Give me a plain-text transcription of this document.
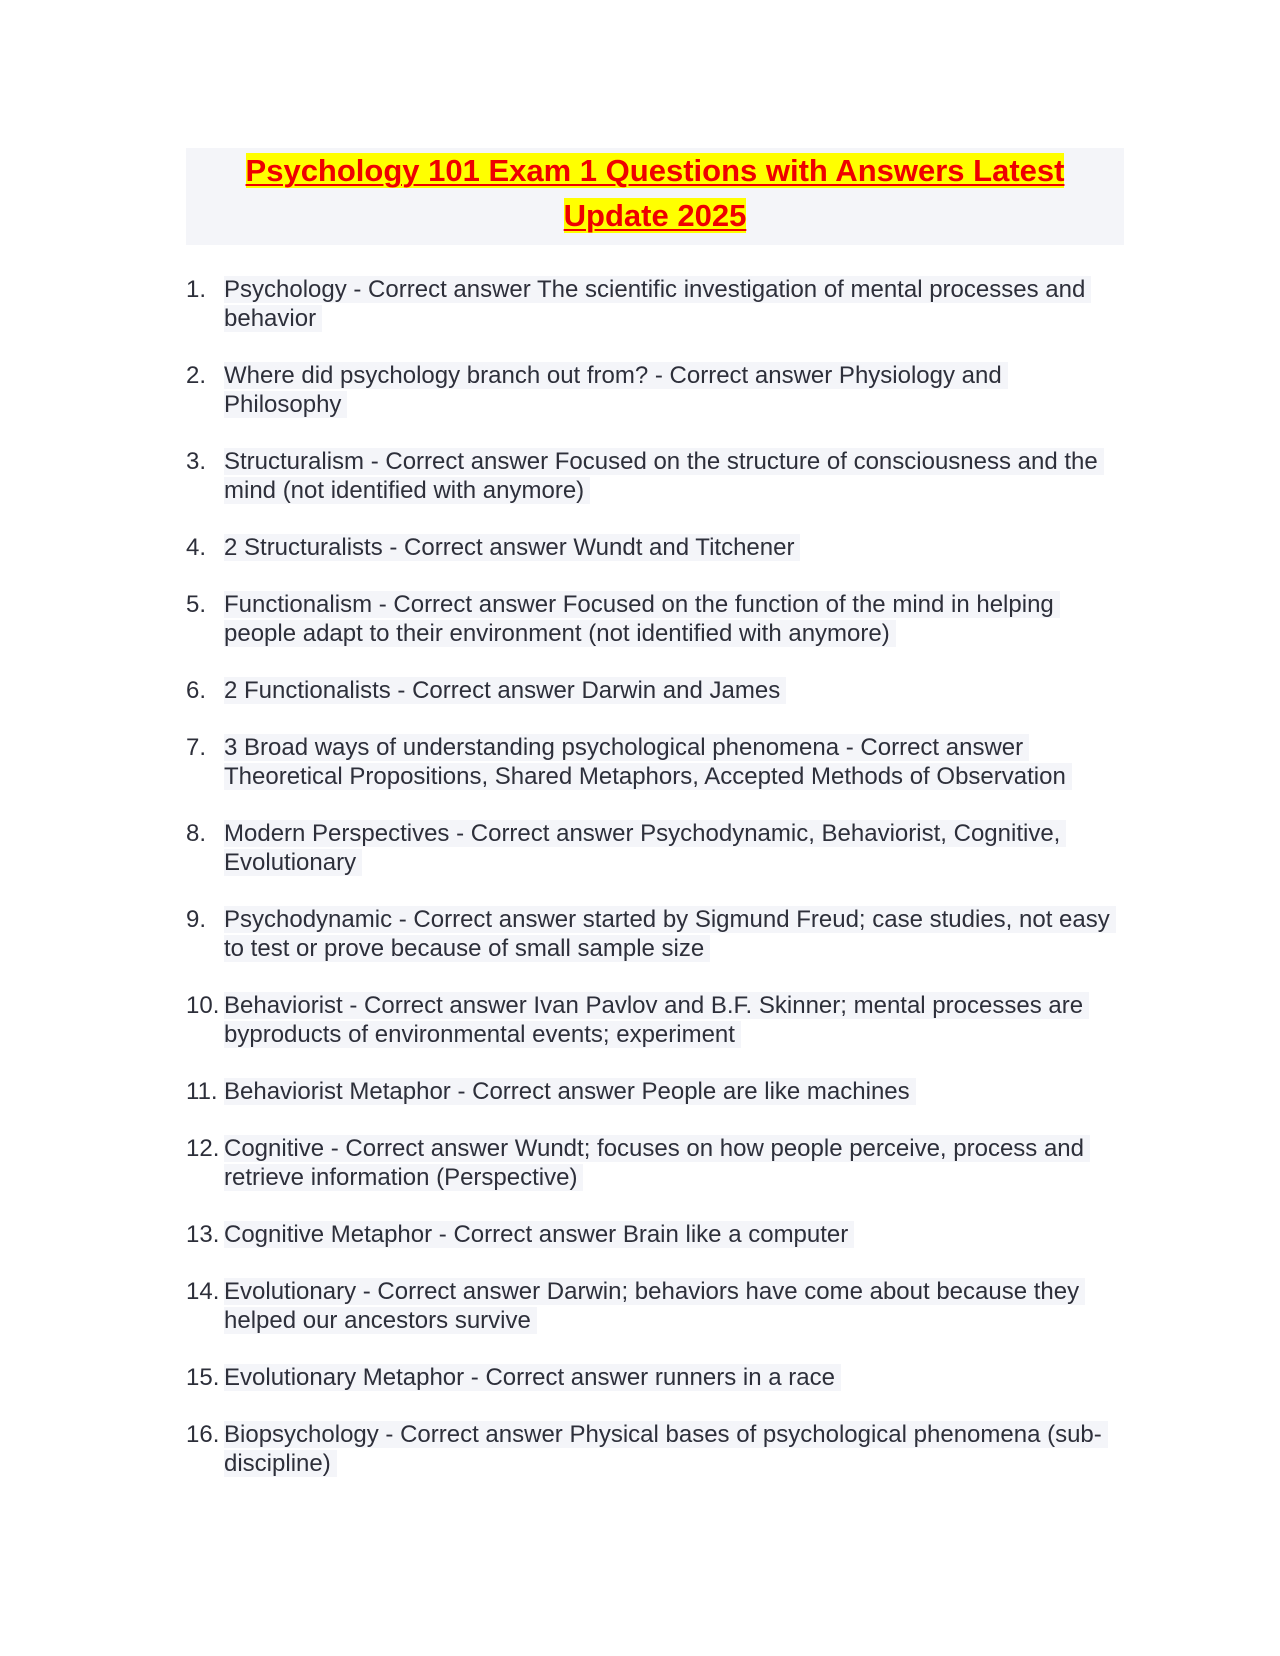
Psychology 101 Exam 1 Questions with Answers Latest Update 2025
1. Psychology - Correct answer The scientific investigation of mental processes and behavior
2. Where did psychology branch out from? - Correct answer Physiology and Philosophy
3. Structuralism - Correct answer Focused on the structure of consciousness and the mind (not identified with anymore)
4. 2 Structuralists - Correct answer Wundt and Titchener
5. Functionalism - Correct answer Focused on the function of the mind in helping people adapt to their environment (not identified with anymore)
6. 2 Functionalists - Correct answer Darwin and James
7. 3 Broad ways of understanding psychological phenomena - Correct answer Theoretical Propositions, Shared Metaphors, Accepted Methods of Observation
8. Modern Perspectives - Correct answer Psychodynamic, Behaviorist, Cognitive, Evolutionary
9. Psychodynamic - Correct answer started by Sigmund Freud; case studies, not easy to test or prove because of small sample size
10. Behaviorist - Correct answer Ivan Pavlov and B.F. Skinner; mental processes are byproducts of environmental events; experiment
11. Behaviorist Metaphor - Correct answer People are like machines
12. Cognitive - Correct answer Wundt; focuses on how people perceive, process and retrieve information (Perspective)
13. Cognitive Metaphor - Correct answer Brain like a computer
14. Evolutionary - Correct answer Darwin; behaviors have come about because they helped our ancestors survive
15. Evolutionary Metaphor - Correct answer runners in a race
16. Biopsychology - Correct answer Physical bases of psychological phenomena (sub-discipline)
